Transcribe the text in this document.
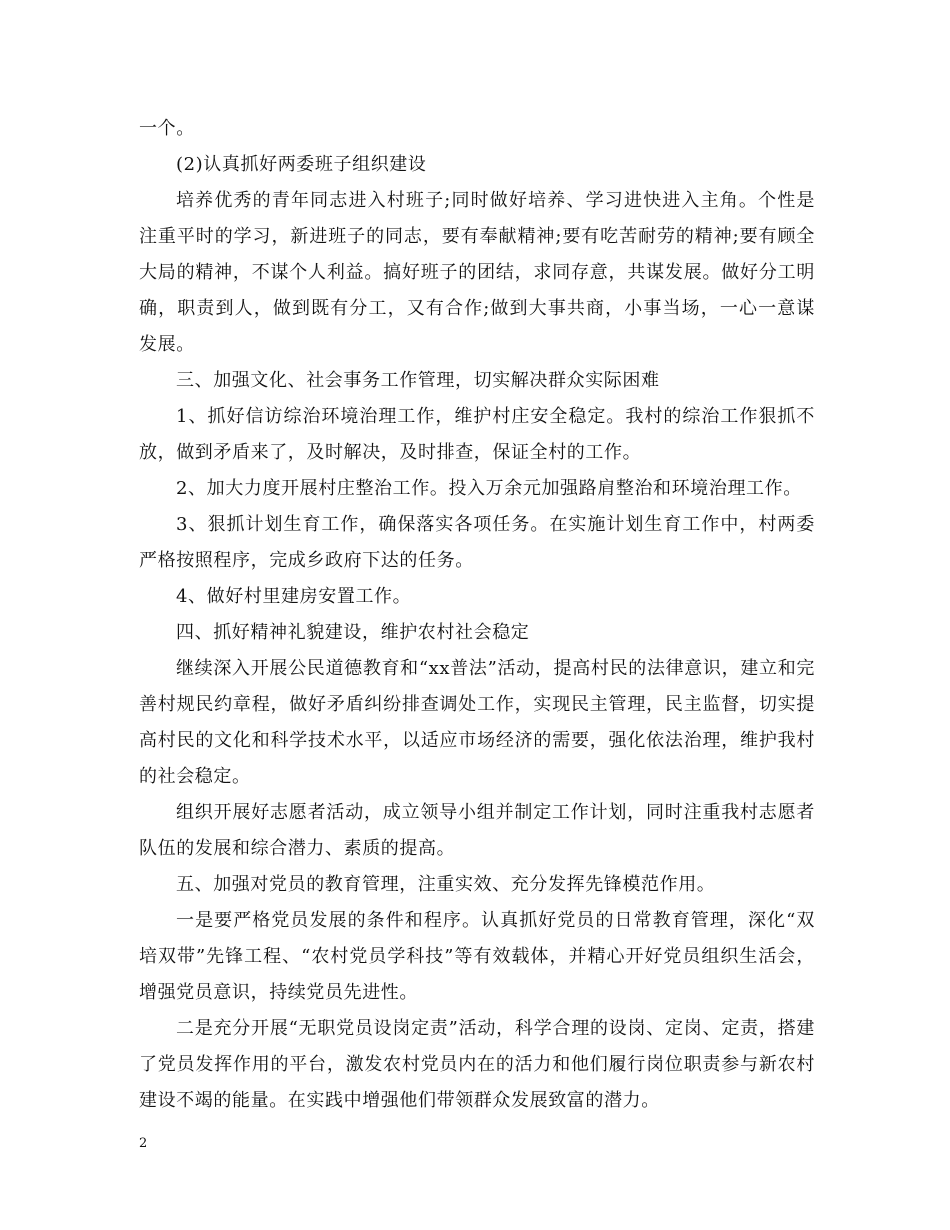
一个。

(2)认真抓好两委班子组织建设

培养优秀的青年同志进入村班子;同时做好培养、学习进快进入主角。个性是注重平时的学习，新进班子的同志，要有奉献精神;要有吃苦耐劳的精神;要有顾全大局的精神，不谋个人利益。搞好班子的团结，求同存意，共谋发展。做好分工明确，职责到人，做到既有分工，又有合作;做到大事共商，小事当场，一心一意谋发展。

三、加强文化、社会事务工作管理，切实解决群众实际困难

1、抓好信访综治环境治理工作，维护村庄安全稳定。我村的综治工作狠抓不放，做到矛盾来了，及时解决，及时排查，保证全村的工作。

2、加大力度开展村庄整治工作。投入万余元加强路肩整治和环境治理工作。

3、狠抓计划生育工作，确保落实各项任务。在实施计划生育工作中，村两委严格按照程序，完成乡政府下达的任务。

4、做好村里建房安置工作。

四、抓好精神礼貌建设，维护农村社会稳定

继续深入开展公民道德教育和“xx普法”活动，提高村民的法律意识，建立和完善村规民约章程，做好矛盾纠纷排查调处工作，实现民主管理，民主监督，切实提高村民的文化和科学技术水平，以适应市场经济的需要，强化依法治理，维护我村的社会稳定。

组织开展好志愿者活动，成立领导小组并制定工作计划，同时注重我村志愿者队伍的发展和综合潜力、素质的提高。

五、加强对党员的教育管理，注重实效、充分发挥先锋模范作用。

一是要严格党员发展的条件和程序。认真抓好党员的日常教育管理，深化“双培双带”先锋工程、“农村党员学科技”等有效载体，并精心开好党员组织生活会，增强党员意识，持续党员先进性。

二是充分开展“无职党员设岗定责”活动，科学合理的设岗、定岗、定责，搭建了党员发挥作用的平台，激发农村党员内在的活力和他们履行岗位职责参与新农村建设不竭的能量。在实践中增强他们带领群众发展致富的潜力。

2
